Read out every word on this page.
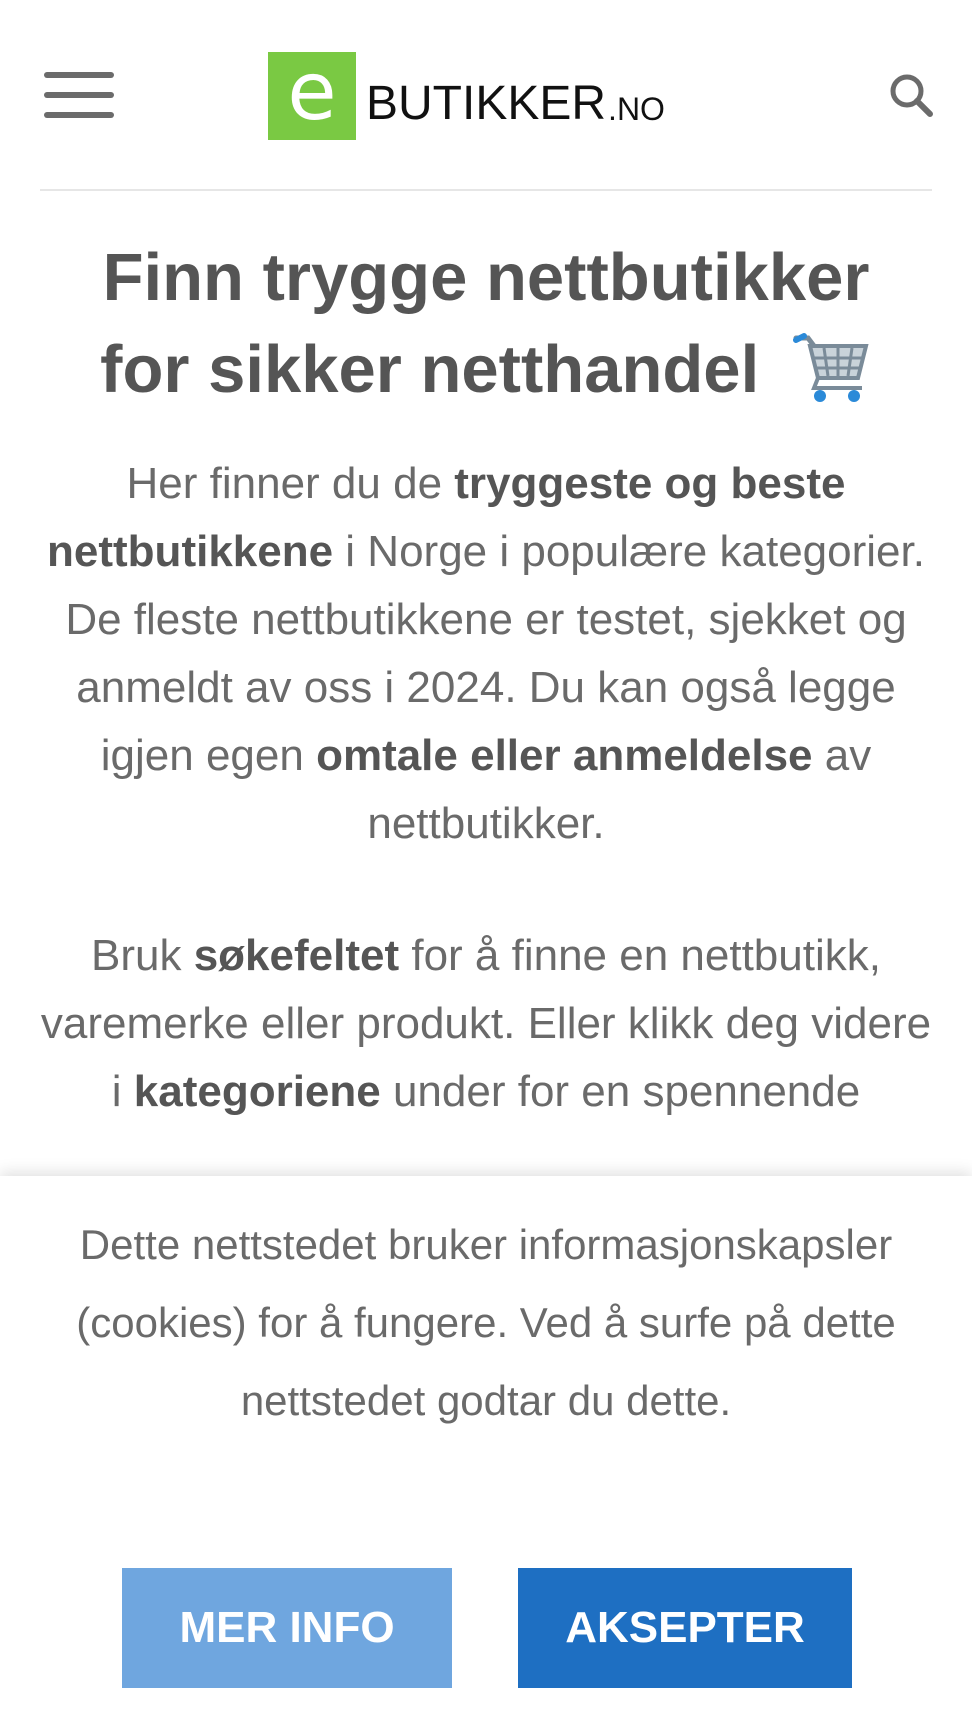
e BUTIKKER .NO
Finn trygge nettbutikker
for sikker netthandel

Her finner du de tryggeste og beste nettbutikkene i Norge i populære kategorier. De fleste nettbutikkene er testet, sjekket og anmeldt av oss i 2024. Du kan også legge igjen egen omtale eller anmeldelse av nettbutikker.

Bruk søkefeltet for å finne en nettbutikk, varemerke eller produkt. Eller klikk deg videre i kategoriene under for en spennende

Dette nettstedet bruker informasjonskapsler (cookies) for å fungere. Ved å surfe på dette nettstedet godtar du dette.

MER INFO	AKSEPTER
